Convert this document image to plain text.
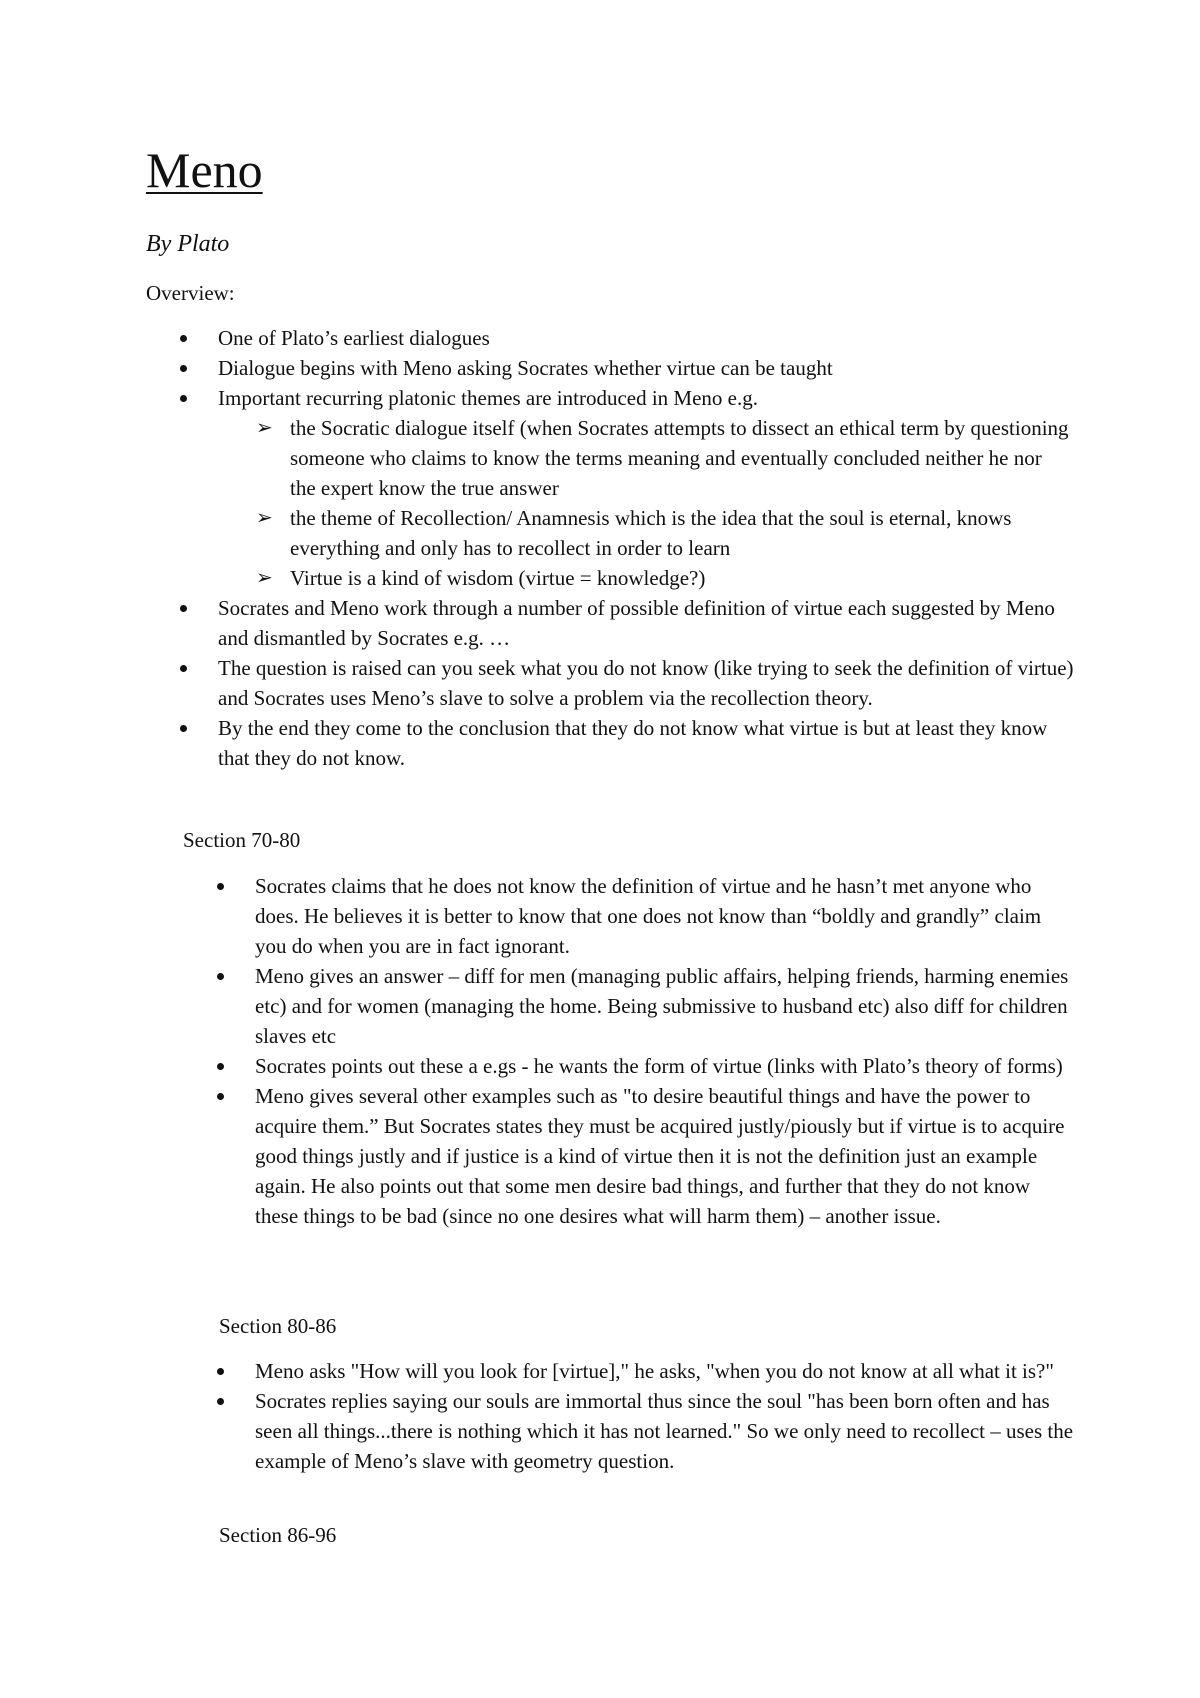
Meno

By Plato

Overview:

One of Plato’s earliest dialogues
Dialogue begins with Meno asking Socrates whether virtue can be taught
Important recurring platonic themes are introduced in Meno e.g.
➢ the Socratic dialogue itself (when Socrates attempts to dissect an ethical term by questioning someone who claims to know the terms meaning and eventually concluded neither he nor the expert know the true answer
➢ the theme of Recollection/ Anamnesis which is the idea that the soul is eternal, knows everything and only has to recollect in order to learn
➢ Virtue is a kind of wisdom (virtue = knowledge?)
Socrates and Meno work through a number of possible definition of virtue each suggested by Meno and dismantled by Socrates e.g. …
The question is raised can you seek what you do not know (like trying to seek the definition of virtue) and Socrates uses Meno’s slave to solve a problem via the recollection theory.
By the end they come to the conclusion that they do not know what virtue is but at least they know that they do not know.

Section 70-80

Socrates claims that he does not know the definition of virtue and he hasn’t met anyone who does. He believes it is better to know that one does not know than “boldly and grandly” claim you do when you are in fact ignorant.
Meno gives an answer – diff for men (managing public affairs, helping friends, harming enemies etc) and for women (managing the home. Being submissive to husband etc) also diff for children slaves etc
Socrates points out these a e.gs - he wants the form of virtue (links with Plato’s theory of forms)
Meno gives several other examples such as "to desire beautiful things and have the power to acquire them.” But Socrates states they must be acquired justly/piously but if virtue is to acquire good things justly and if justice is a kind of virtue then it is not the definition just an example again. He also points out that some men desire bad things, and further that they do not know these things to be bad (since no one desires what will harm them) – another issue.

Section 80-86

Meno asks "How will you look for [virtue]," he asks, "when you do not know at all what it is?"
Socrates replies saying our souls are immortal thus since the soul "has been born often and has seen all things...there is nothing which it has not learned." So we only need to recollect – uses the example of Meno’s slave with geometry question.

Section 86-96
